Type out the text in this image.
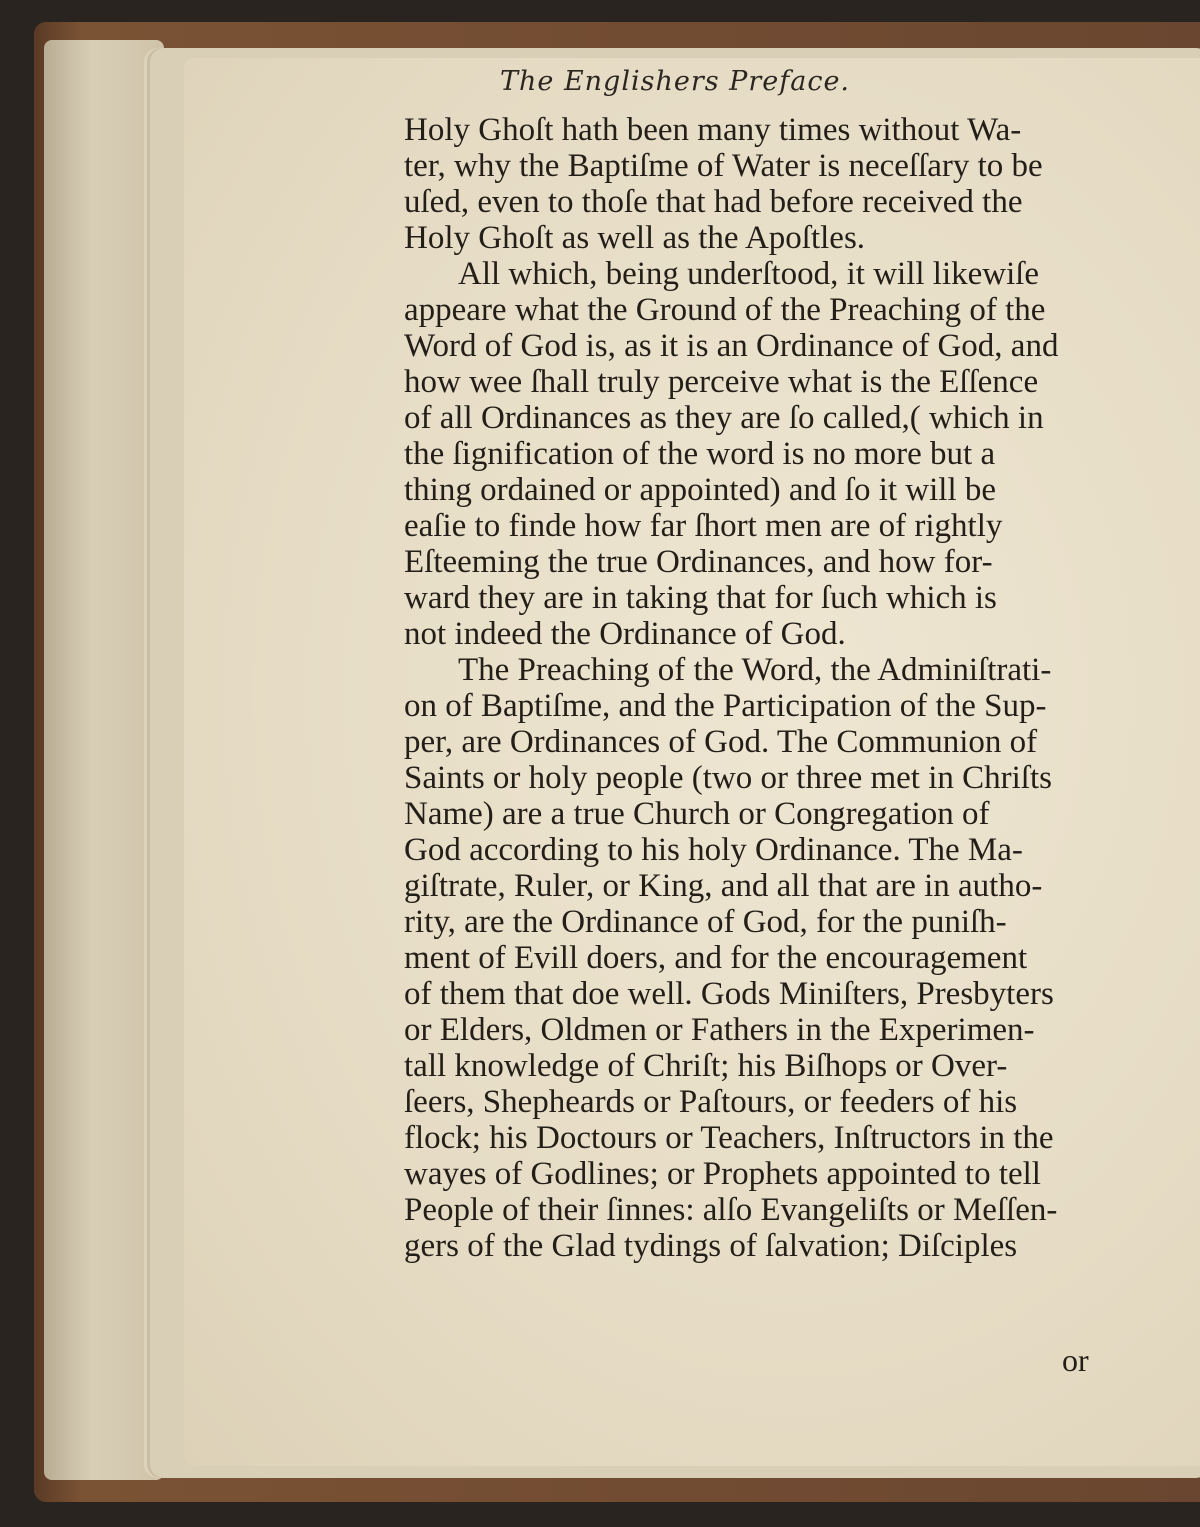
The Englishers Preface.
Holy Ghoſt hath been many times without Wa-
ter, why the Baptiſme of Water is neceſſary to be
uſed, even to thoſe that had before received the
Holy Ghoſt as well as the Apoſtles.
All which, being underſtood, it will likewiſe
appeare what the Ground of the Preaching of the
Word of God is, as it is an Ordinance of God, and
how wee ſhall truly perceive what is the Eſſence
of all Ordinances as they are ſo called,( which in
the ſignification of the word is no more but a
thing ordained or appointed) and ſo it will be
eaſie to finde how far ſhort men are of rightly
Eſteeming the true Ordinances, and how for-
ward they are in taking that for ſuch which is
not indeed the Ordinance of God.
The Preaching of the Word, the Adminiſtrati-
on of Baptiſme, and the Participation of the Sup-
per, are Ordinances of God. The Communion of
Saints or holy people (two or three met in Chriſts
Name) are a true Church or Congregation of
God according to his holy Ordinance. The Ma-
giſtrate, Ruler, or King, and all that are in autho-
rity, are the Ordinance of God, for the puniſh-
ment of Evill doers, and for the encouragement
of them that doe well. Gods Miniſters, Presbyters
or Elders, Oldmen or Fathers in the Experimen-
tall knowledge of Chriſt; his Biſhops or Over-
ſeers, Shepheards or Paſtours, or feeders of his
flock; his Doctours or Teachers, Inſtructors in the
wayes of Godlines; or Prophets appointed to tell
People of their ſinnes: alſo Evangeliſts or Meſſen-
gers of the Glad tydings of ſalvation; Diſciples
or
